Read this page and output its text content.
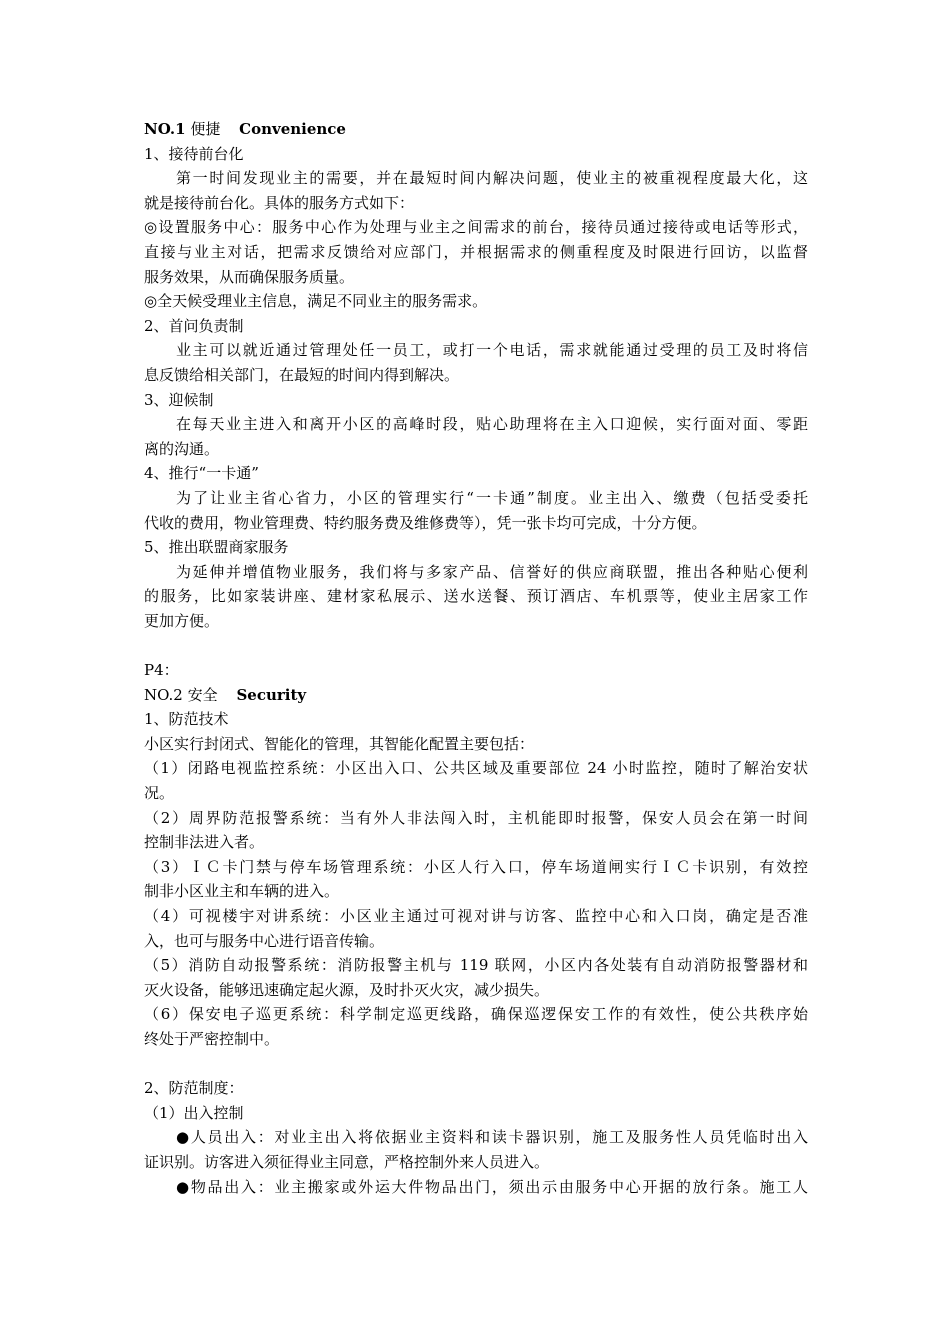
NO.1 便捷 Convenience
1、接待前台化
第一时间发现业主的需要，并在最短时间内解决问题，使业主的被重视程度最大化，这
就是接待前台化。具体的服务方式如下：
◎设置服务中心：服务中心作为处理与业主之间需求的前台，接待员通过接待或电话等形式，
直接与业主对话，把需求反馈给对应部门，并根据需求的侧重程度及时限进行回访，以监督
服务效果，从而确保服务质量。
◎全天候受理业主信息，满足不同业主的服务需求。
2、首问负责制
业主可以就近通过管理处任一员工，或打一个电话，需求就能通过受理的员工及时将信
息反馈给相关部门，在最短的时间内得到解决。
3、迎候制
在每天业主进入和离开小区的高峰时段，贴心助理将在主入口迎候，实行面对面、零距
离的沟通。
4、推行“一卡通”
为了让业主省心省力，小区的管理实行“一卡通”制度。业主出入、缴费（包括受委托
代收的费用，物业管理费、特约服务费及维修费等），凭一张卡均可完成，十分方便。
5、推出联盟商家服务
为延伸并增值物业服务，我们将与多家产品、信誉好的供应商联盟，推出各种贴心便利
的服务，比如家装讲座、建材家私展示、送水送餐、预订酒店、车机票等，使业主居家工作
更加方便。
P4：
NO.2 安全 Security
1、防范技术
小区实行封闭式、智能化的管理，其智能化配置主要包括：
（1）闭路电视监控系统：小区出入口、公共区域及重要部位 24 小时监控，随时了解治安状
况。
（2）周界防范报警系统：当有外人非法闯入时，主机能即时报警，保安人员会在第一时间
控制非法进入者。
（3）ＩＣ卡门禁与停车场管理系统：小区人行入口，停车场道闸实行ＩＣ卡识别，有效控
制非小区业主和车辆的进入。
（4）可视楼宇对讲系统：小区业主通过可视对讲与访客、监控中心和入口岗，确定是否准
入，也可与服务中心进行语音传输。
（5）消防自动报警系统：消防报警主机与 119 联网，小区内各处装有自动消防报警器材和
灭火设备，能够迅速确定起火源，及时扑灭火灾，减少损失。
（6）保安电子巡更系统：科学制定巡更线路，确保巡逻保安工作的有效性，使公共秩序始
终处于严密控制中。
2、防范制度：
（1）出入控制
●人员出入：对业主出入将依据业主资料和读卡器识别，施工及服务性人员凭临时出入
证识别。访客进入须征得业主同意，严格控制外来人员进入。
●物品出入：业主搬家或外运大件物品出门，须出示由服务中心开据的放行条。施工人
